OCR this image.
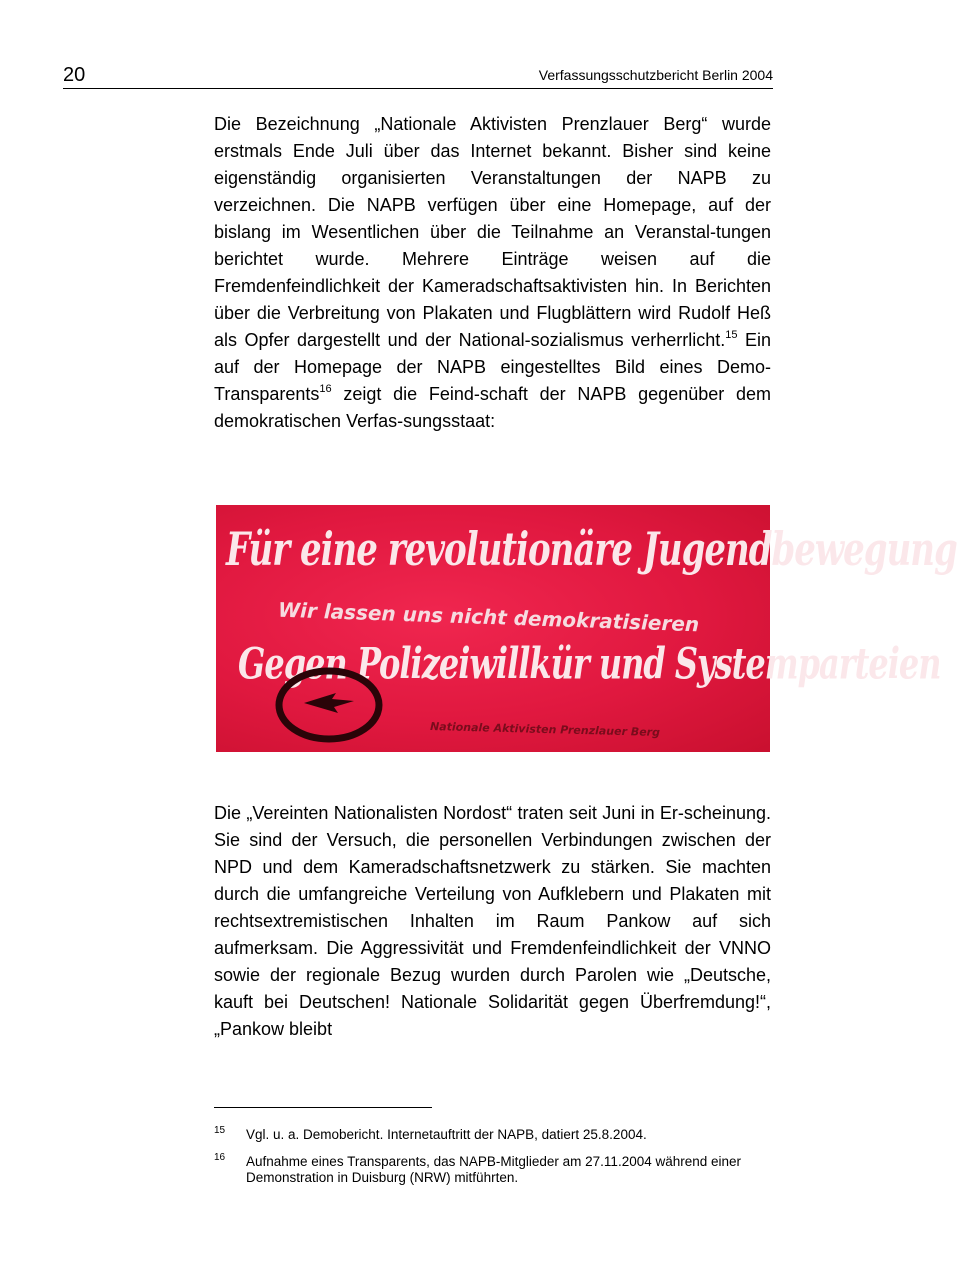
20	Verfassungsschutzbericht Berlin 2004

Die Bezeichnung „Nationale Aktivisten Prenzlauer Berg“ wurde erstmals Ende Juli über das Internet bekannt. Bisher sind keine eigenständig organisierten Veranstaltungen der NAPB zu verzeichnen. Die NAPB verfügen über eine Homepage, auf der bislang im Wesentlichen über die Teilnahme an Veranstal-tungen berichtet wurde. Mehrere Einträge weisen auf die Fremdenfeindlichkeit der Kameradschaftsaktivisten hin. In Berichten über die Verbreitung von Plakaten und Flugblättern wird Rudolf Heß als Opfer dargestellt und der National-sozialismus verherrlicht.$^{15}$ Ein auf der Homepage der NAPB eingestelltes Bild eines Demo-Transparents$^{16}$ zeigt die Feind-schaft der NAPB gegenüber dem demokratischen Verfas-sungsstaat:

Für eine revolutionäre Jugendbewegung
Wir lassen uns nicht demokratisieren
Gegen Polizeiwillkür und Systemparteien
Nationale Aktivisten Prenzlauer Berg

Die „Vereinten Nationalisten Nordost“ traten seit Juni in Er-scheinung. Sie sind der Versuch, die personellen Verbindungen zwischen der NPD und dem Kameradschaftsnetzwerk zu stärken. Sie machten durch die umfangreiche Verteilung von Aufklebern und Plakaten mit rechtsextremistischen Inhalten im Raum Pankow auf sich aufmerksam. Die Aggressivität und Fremdenfeindlichkeit der VNNO sowie der regionale Bezug wurden durch Parolen wie „Deutsche, kauft bei Deutschen! Nationale Solidarität gegen Überfremdung!“, „Pankow bleibt

15 Vgl. u. a. Demobericht. Internetauftritt der NAPB, datiert 25.8.2004.
16 Aufnahme eines Transparents, das NAPB-Mitglieder am 27.11.2004 während einer Demonstration in Duisburg (NRW) mitführten.
